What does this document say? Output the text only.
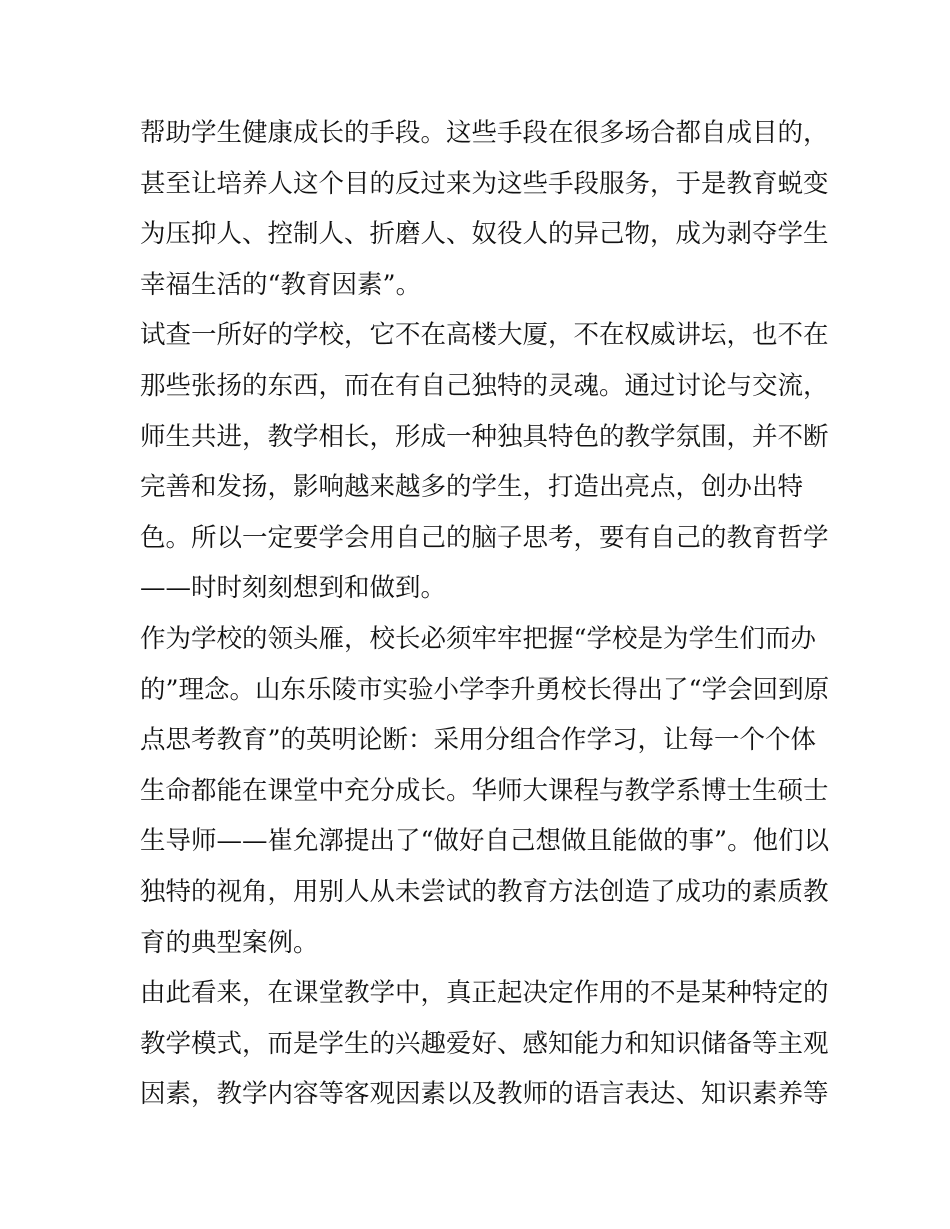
帮助学生健康成长的手段。这些手段在很多场合都自成目的，
甚至让培养人这个目的反过来为这些手段服务，于是教育蜕变
为压抑人、控制人、折磨人、奴役人的异己物，成为剥夺学生
幸福生活的“教育因素”。

试查一所好的学校，它不在高楼大厦，不在权威讲坛，也不在
那些张扬的东西，而在有自己独特的灵魂。通过讨论与交流，
师生共进，教学相长，形成一种独具特色的教学氛围，并不断
完善和发扬，影响越来越多的学生，打造出亮点，创办出特
色。所以一定要学会用自己的脑子思考，要有自己的教育哲学
——时时刻刻想到和做到。

作为学校的领头雁，校长必须牢牢把握“学校是为学生们而办
的”理念。山东乐陵市实验小学李升勇校长得出了“学会回到原
点思考教育”的英明论断：采用分组合作学习，让每一个个体
生命都能在课堂中充分成长。华师大课程与教学系博士生硕士
生导师——崔允漷提出了“做好自己想做且能做的事”。他们以
独特的视角，用别人从未尝试的教育方法创造了成功的素质教
育的典型案例。

由此看来，在课堂教学中，真正起决定作用的不是某种特定的
教学模式，而是学生的兴趣爱好、感知能力和知识储备等主观
因素，教学内容等客观因素以及教师的语言表达、知识素养等
